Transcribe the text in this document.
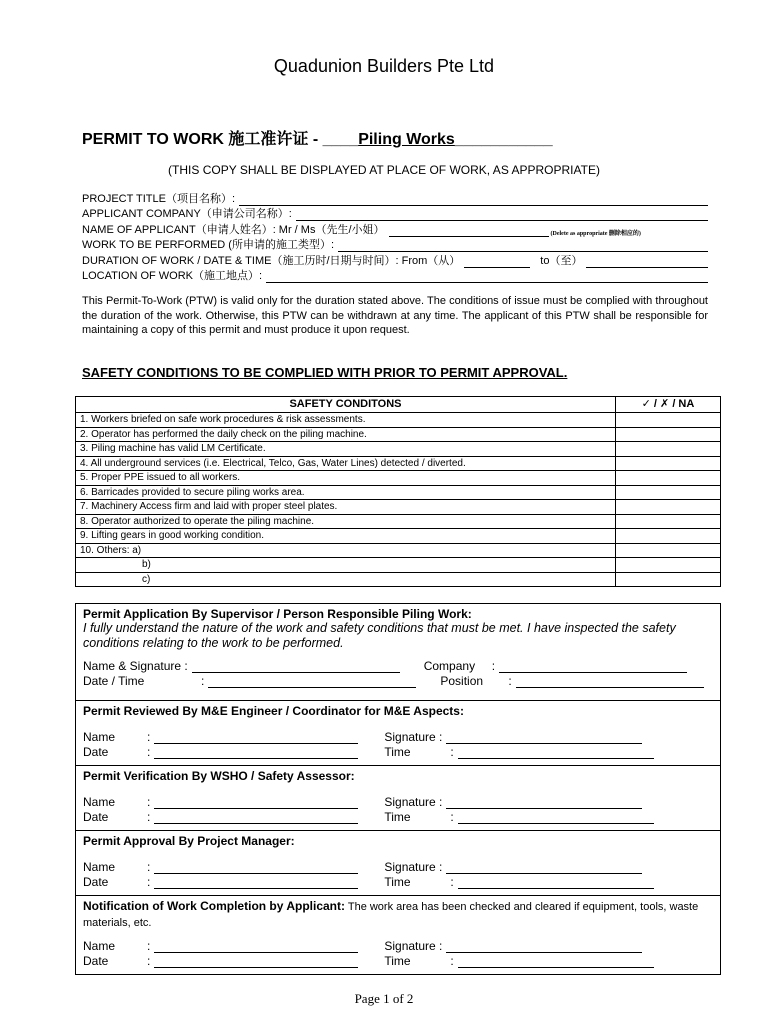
Quadunion Builders Pte Ltd
PERMIT TO WORK 施工准许证 - ____Piling Works___________
(THIS COPY SHALL BE DISPLAYED AT PLACE OF WORK, AS APPROPRIATE)
PROJECT TITLE（项目名称）:
APPLICANT COMPANY（申请公司名称）:
NAME OF APPLICANT（申请人姓名）: Mr / Ms（先生/小姐）	(Delete as appropriate 删除相应的)
WORK TO BE PERFORMED (所申请的施工类型）:
DURATION OF WORK / DATE & TIME（施工历时/日期与时间）: From（从）	to（至）
LOCATION OF WORK（施工地点）:
This Permit-To-Work (PTW) is valid only for the duration stated above. The conditions of issue must be complied with throughout the duration of the work. Otherwise, this PTW can be withdrawn at any time. The applicant of this PTW shall be responsible for maintaining a copy of this permit and must produce it upon request.
SAFETY CONDITIONS TO BE COMPLIED WITH PRIOR TO PERMIT APPROVAL.
SAFETY CONDITONS	✓ / ✗ / NA
1. Workers briefed on safe work procedures & risk assessments.	
2. Operator has performed the daily check on the piling machine.	
3. Piling machine has valid LM Certificate.	
4. All underground services (i.e. Electrical, Telco, Gas, Water Lines) detected / diverted.	
5. Proper PPE issued to all workers.	
6. Barricades provided to secure piling works area.	
7. Machinery Access firm and laid with proper steel plates.	
8. Operator authorized to operate the piling machine.	
9. Lifting gears in good working condition.	
10. Others: a)	
b)	
c)	
Permit Application By Supervisor / Person Responsible Piling Work:
I fully understand the nature of the work and safety conditions that must be met. I have inspected the safety conditions relating to the work to be performed.
Name & Signature :	Company	:
Date / Time	:	Position	:
Permit Reviewed By M&E Engineer / Coordinator for M&E Aspects:
Name	:	Signature :
Date	:	Time	:
Permit Verification By WSHO / Safety Assessor:
Name	:	Signature :
Date	:	Time	:
Permit Approval By Project Manager:
Name	:	Signature :
Date	:	Time	:
Notification of Work Completion by Applicant: The work area has been checked and cleared if equipment, tools, waste materials, etc.
Name	:	Signature :
Date	:	Time	:
Page 1 of 2
